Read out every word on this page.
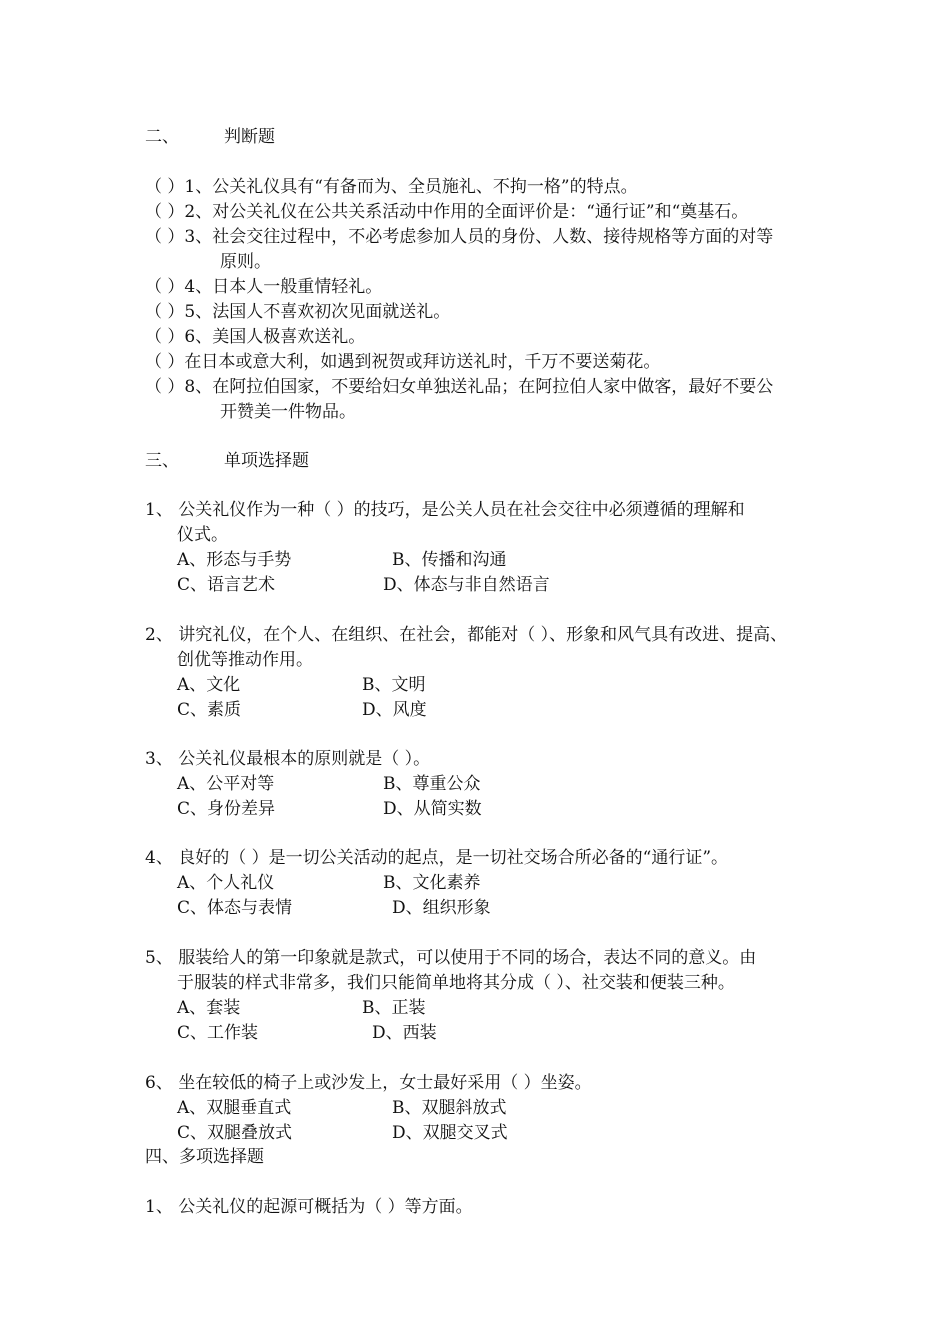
二、	判断题
（ ）1、公关礼仪具有“有备而为、全员施礼、不拘一格”的特点。
（ ）2、对公关礼仪在公共关系活动中作用的全面评价是：“通行证”和“奠基石。
（ ）3、社会交往过程中，不必考虑参加人员的身份、人数、接待规格等方面的对等
原则。
（ ）4、日本人一般重情轻礼。
（ ）5、法国人不喜欢初次见面就送礼。
（ ）6、美国人极喜欢送礼。
（ ）在日本或意大利，如遇到祝贺或拜访送礼时，千万不要送菊花。
（ ）8、在阿拉伯国家，不要给妇女单独送礼品；在阿拉伯人家中做客，最好不要公
开赞美一件物品。
三、	单项选择题
1、 公关礼仪作为一种（ ）的技巧，是公关人员在社会交往中必须遵循的理解和
仪式。
A、形态与手势	B、传播和沟通
C、语言艺术	D、体态与非自然语言
2、 讲究礼仪，在个人、在组织、在社会，都能对（ ）、形象和风气具有改进、提高、
创优等推动作用。
A、文化	B、文明
C、素质	D、风度
3、 公关礼仪最根本的原则就是（ ）。
A、公平对等	B、尊重公众
C、身份差异	D、从简实数
4、 良好的（ ）是一切公关活动的起点，是一切社交场合所必备的“通行证”。
A、个人礼仪	B、文化素养
C、体态与表情	D、组织形象
5、 服装给人的第一印象就是款式，可以使用于不同的场合，表达不同的意义。由
于服装的样式非常多，我们只能简单地将其分成（ ）、社交装和便装三种。
A、套装	B、正装
C、工作装	D、西装
6、 坐在较低的椅子上或沙发上，女士最好采用（ ）坐姿。
A、双腿垂直式	B、双腿斜放式
C、双腿叠放式	D、双腿交叉式
四、多项选择题
1、 公关礼仪的起源可概括为（ ）等方面。
